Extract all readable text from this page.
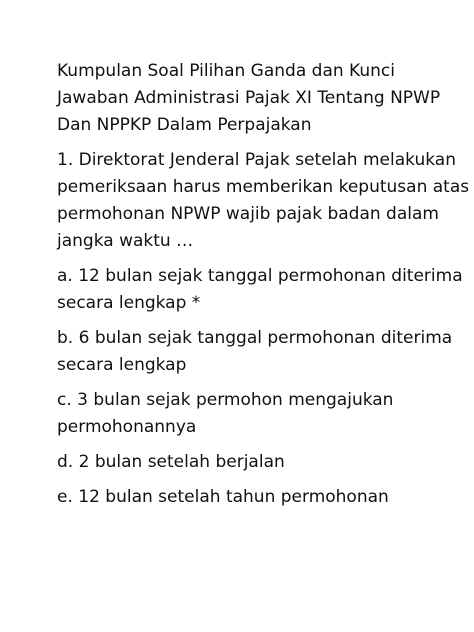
Kumpulan Soal Pilihan Ganda dan Kunci
Jawaban Administrasi Pajak XI Tentang NPWP
Dan NPPKP Dalam Perpajakan
1. Direktorat Jenderal Pajak setelah melakukan
pemeriksaan harus memberikan keputusan atas
permohonan NPWP wajib pajak badan dalam
jangka waktu …
a. 12 bulan sejak tanggal permohonan diterima
secara lengkap *
b. 6 bulan sejak tanggal permohonan diterima
secara lengkap
c. 3 bulan sejak permohon mengajukan
permohonannya
d. 2 bulan setelah berjalan
e. 12 bulan setelah tahun permohonan
